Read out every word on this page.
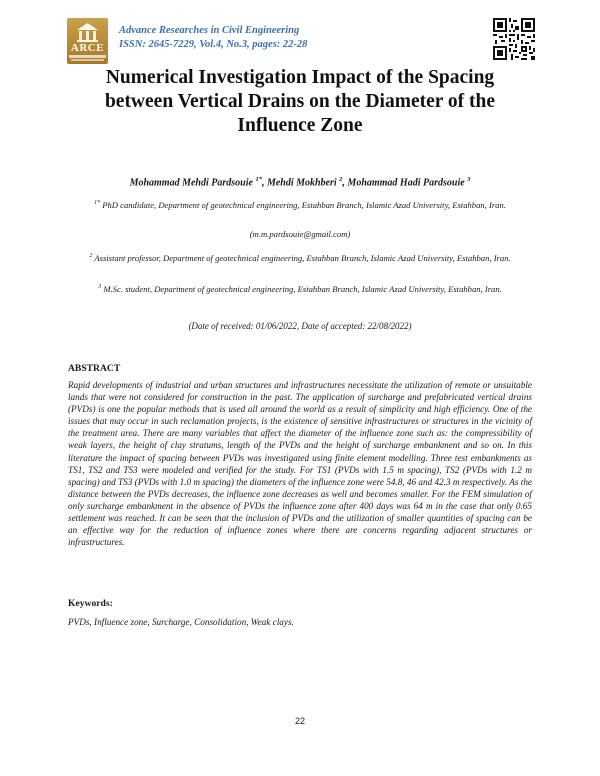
ARCE
Advance Researches in Civil Engineering
ISSN: 2645-7229, Vol.4, No.3, pages: 22-28
Numerical Investigation Impact of the Spacing
between Vertical Drains on the Diameter of the
Influence Zone
Mohammad Mehdi Pardsouie $^{1*}$, Mehdi Mokhberi $^2$, Mohammad Hadi Pardsouie $^3$
$^{1*}$ PhD candidate, Department of geotechnical engineering, Estahban Branch, Islamic Azad University, Estahban, Iran.
(m.m.pardsouie@gmail.com)
$^2$ Assistant professor, Department of geotechnical engineering, Estahban Branch, Islamic Azad University, Estahban, Iran.
$^3$ M.Sc. student, Department of geotechnical engineering, Estahban Branch, Islamic Azad University, Estahban, Iran.
(Date of received: 01/06/2022, Date of accepted: 22/08/2022)
ABSTRACT
Rapid developments of industrial and urban structures and infrastructures necessitate the utilization of remote or unsuitable lands that were not considered for construction in the past. The application of surcharge and prefabricated vertical drains (PVDs) is one the popular methods that is used all around the world as a result of simplicity and high efficiency. One of the issues that may occur in such reclamation projects, is the existence of sensitive infrastructures or structures in the vicinity of the treatment area. There are many variables that affect the diameter of the influence zone such as: the compressibility of weak layers, the height of clay stratums, length of the PVDs and the height of surcharge embankment and so on. In this literature the impact of spacing between PVDs was investigated using finite element modelling. Three test embankments as TS1, TS2 and TS3 were modeled and verified for the study. For TS1 (PVDs with 1.5 m spacing), TS2 (PVDs with 1.2 m spacing) and TS3 (PVDs with 1.0 m spacing) the diameters of the influence zone were 54.8, 46 and 42.3 m respectively. As the distance between the PVDs decreases, the influence zone decreases as well and becomes smaller. For the FEM simulation of only surcharge embankment in the absence of PVDs the influence zone after 400 days was 64 m in the case that only 0.65 settlement was reached. It can be seen that the inclusion of PVDs and the utilization of smaller quantities of spacing can be an effective way for the reduction of influence zones where there are concerns regarding adjacent structures or infrastructures.
Keywords:
PVDs, Influence zone, Surcharge, Consolidation, Weak clays.
22
